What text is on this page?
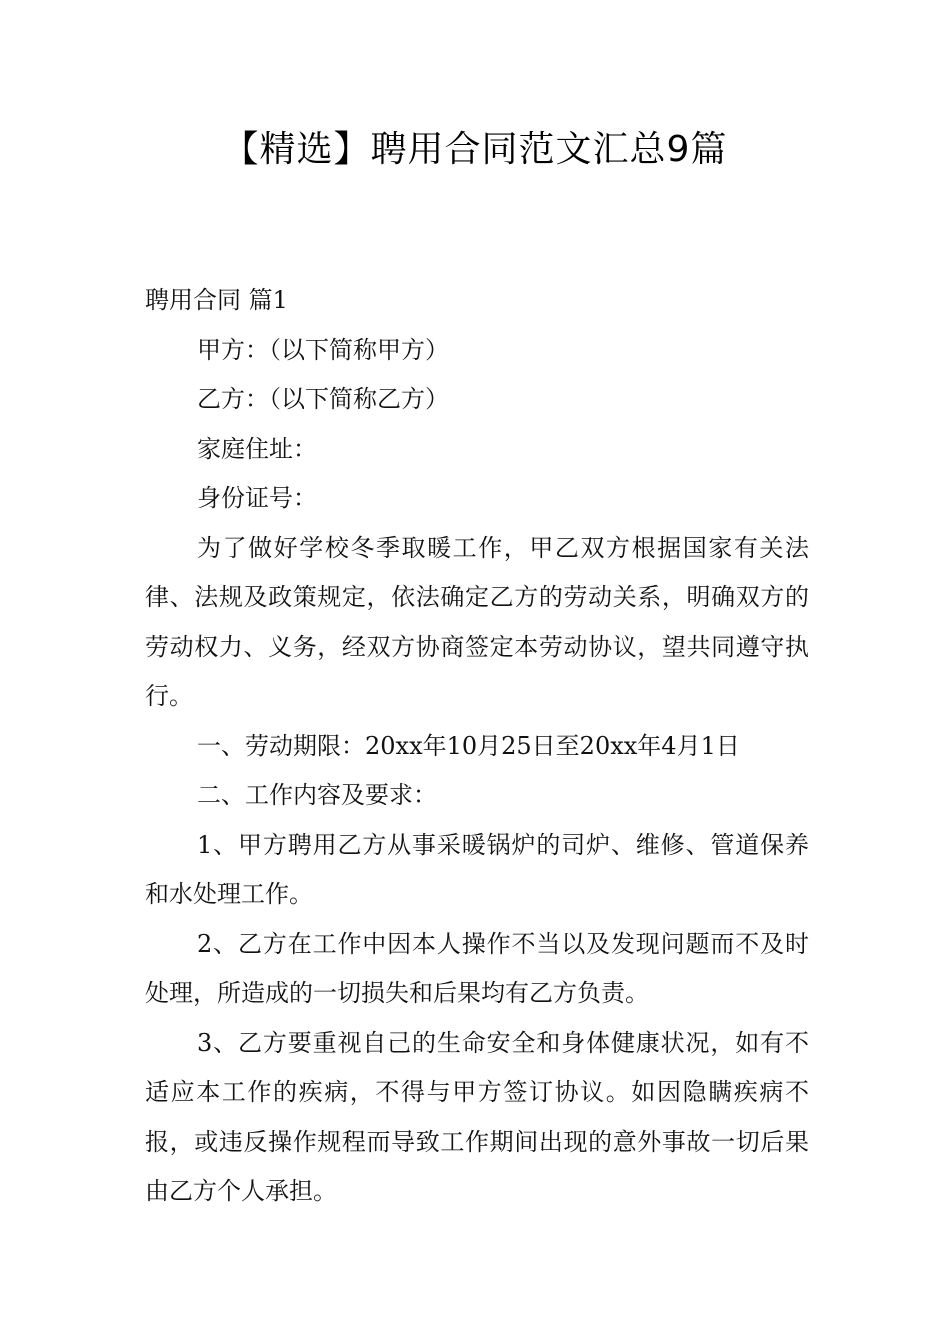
【精选】聘用合同范文汇总9篇

聘用合同 篇1

甲方：（以下简称甲方）

乙方：（以下简称乙方）

家庭住址：

身份证号：

为了做好学校冬季取暖工作，甲乙双方根据国家有关法律、法规及政策规定，依法确定乙方的劳动关系，明确双方的劳动权力、义务，经双方协商签定本劳动协议，望共同遵守执行。

一、劳动期限：20xx年10月25日至20xx年4月1日

二、工作内容及要求：

1、甲方聘用乙方从事采暖锅炉的司炉、维修、管道保养和水处理工作。

2、乙方在工作中因本人操作不当以及发现问题而不及时处理，所造成的一切损失和后果均有乙方负责。

3、乙方要重视自己的生命安全和身体健康状况，如有不适应本工作的疾病，不得与甲方签订协议。如因隐瞒疾病不报，或违反操作规程而导致工作期间出现的意外事故一切后果由乙方个人承担。
